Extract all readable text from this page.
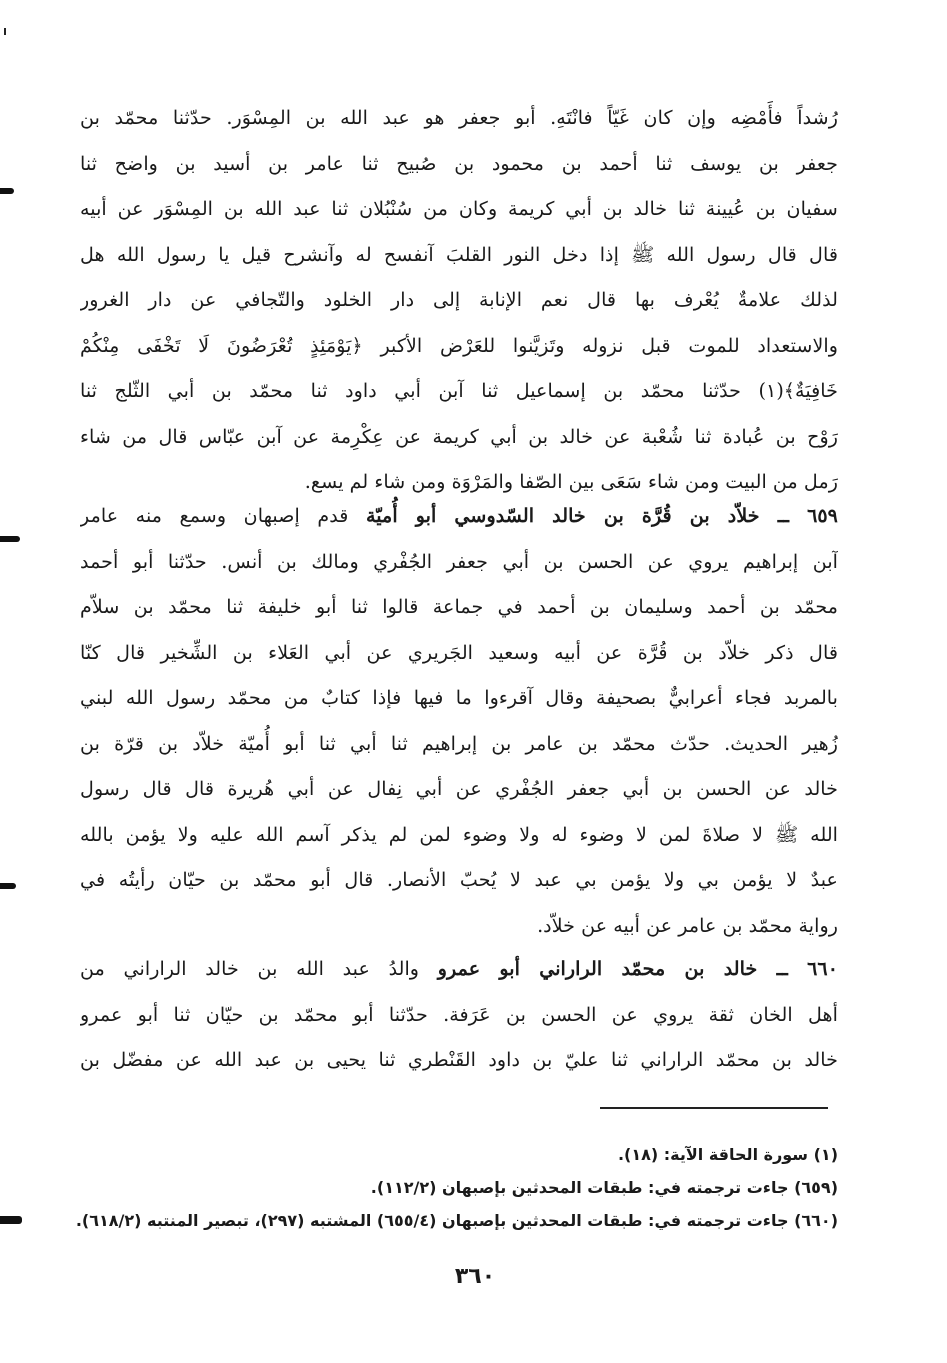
رُشداً فأَمْضِه وإن كان غَيّاً فانْتَهِ. أبو جعفر هو عبد الله بن المِسْوَر. حدّثنا محمّد بن
جعفر بن يوسف ثنا أحمد بن محمود بن صُبيح ثنا عامر بن أسيد بن واضح ثنا
سفيان بن عُيينة ثنا خالد بن أبي كريمة وكان من سُنْبُلان ثنا عبد الله بن المِسْوَر عن أبيه
قال قال رسول الله ﷺ إذا دخل النور القلبَ آنفسح له وآنشرح قيل يا رسول الله هل
لذلك علامةٌ يُعْرف بها قال نعم الإنابة إلى دار الخلود والتّجافي عن دار الغرور
والاستعداد للموت قبل نزوله وتَزيَّنوا للعَرْض الأكبر ﴿يَوْمَئِذٍ تُعْرَضُونَ لَا تَخْفَى مِنْكُمْ
خَافِيَةٌ﴾(١) حدّثنا محمّد بن إسماعيل ثنا آبن أبي داود ثنا محمّد بن أبي الثّلج ثنا
رَوْح بن عُبادة ثنا شُعْبة عن خالد بن أبي كريمة عن عِكْرِمة عن آبن عبّاس قال من شاء
رَمل من البيت ومن شاء سَعَى بين الصّفا والمَرْوَة ومن شاء لم يسع.
٦٥٩ ــ خلاّد بن قُرَّة بن خالد السّدوسي أبو أُميّة قدم إصبهان وسمع منه عامر
آبن إبراهيم يروي عن الحسن بن أبي جعفر الجُفْري ومالك بن أنس. حدّثنا أبو أحمد
محمّد بن أحمد وسليمان بن أحمد في جماعة قالوا ثنا أبو خليفة ثنا محمّد بن سلاّم
قال ذكر خلاّد بن قُرَّة عن أبيه وسعيد الجَريري عن أبي العَلاء بن الشِّخير قال كنّا
بالمربد فجاء أعرابيٌّ بصحيفة وقال آقرءوا ما فيها فإذا كتابٌ من محمّد رسول الله لبني
زُهير الحديث. حدّث محمّد بن عامر بن إبراهيم ثنا أبي ثنا أبو أُميّة خلاّد بن قرّة بن
خالد عن الحسن بن أبي جعفر الجُفْري عن أبي نِفال عن أبي هُريرة قال قال رسول
الله ﷺ لا صلاةَ لمن لا وضوء له ولا وضوء لمن لم يذكر آسم الله عليه ولا يؤمن بالله
عبدٌ لا يؤمن بي ولا يؤمن بي عبد لا يُحبّ الأنصار. قال أبو محمّد بن حيّان رأيتُه في
رواية محمّد بن عامر عن أبيه عن خلاّد.
٦٦٠ ــ خالد بن محمّد الراراني أبو عمرو والدُ عبد الله بن خالد الراراني من
أهل الخان ثقة يروي عن الحسن بن عَرَفة. حدّثنا أبو محمّد بن حيّان ثنا أبو عمرو
خالد بن محمّد الراراني ثنا عليّ بن داود القَنْطري ثنا يحيى بن عبد الله عن مفضّل بن
(١) سورة الحاقة الآية: (١٨).
(٦٥٩) جاءت ترجمته في: طبقات المحدثين بإصبهان (١١٢/٢).
(٦٦٠) جاءت ترجمته في: طبقات المحدثين بإصبهان (٦٥٥/٤) المشتبه (٢٩٧)، تبصير المنتبه (٦١٨/٢).
٣٦٠
